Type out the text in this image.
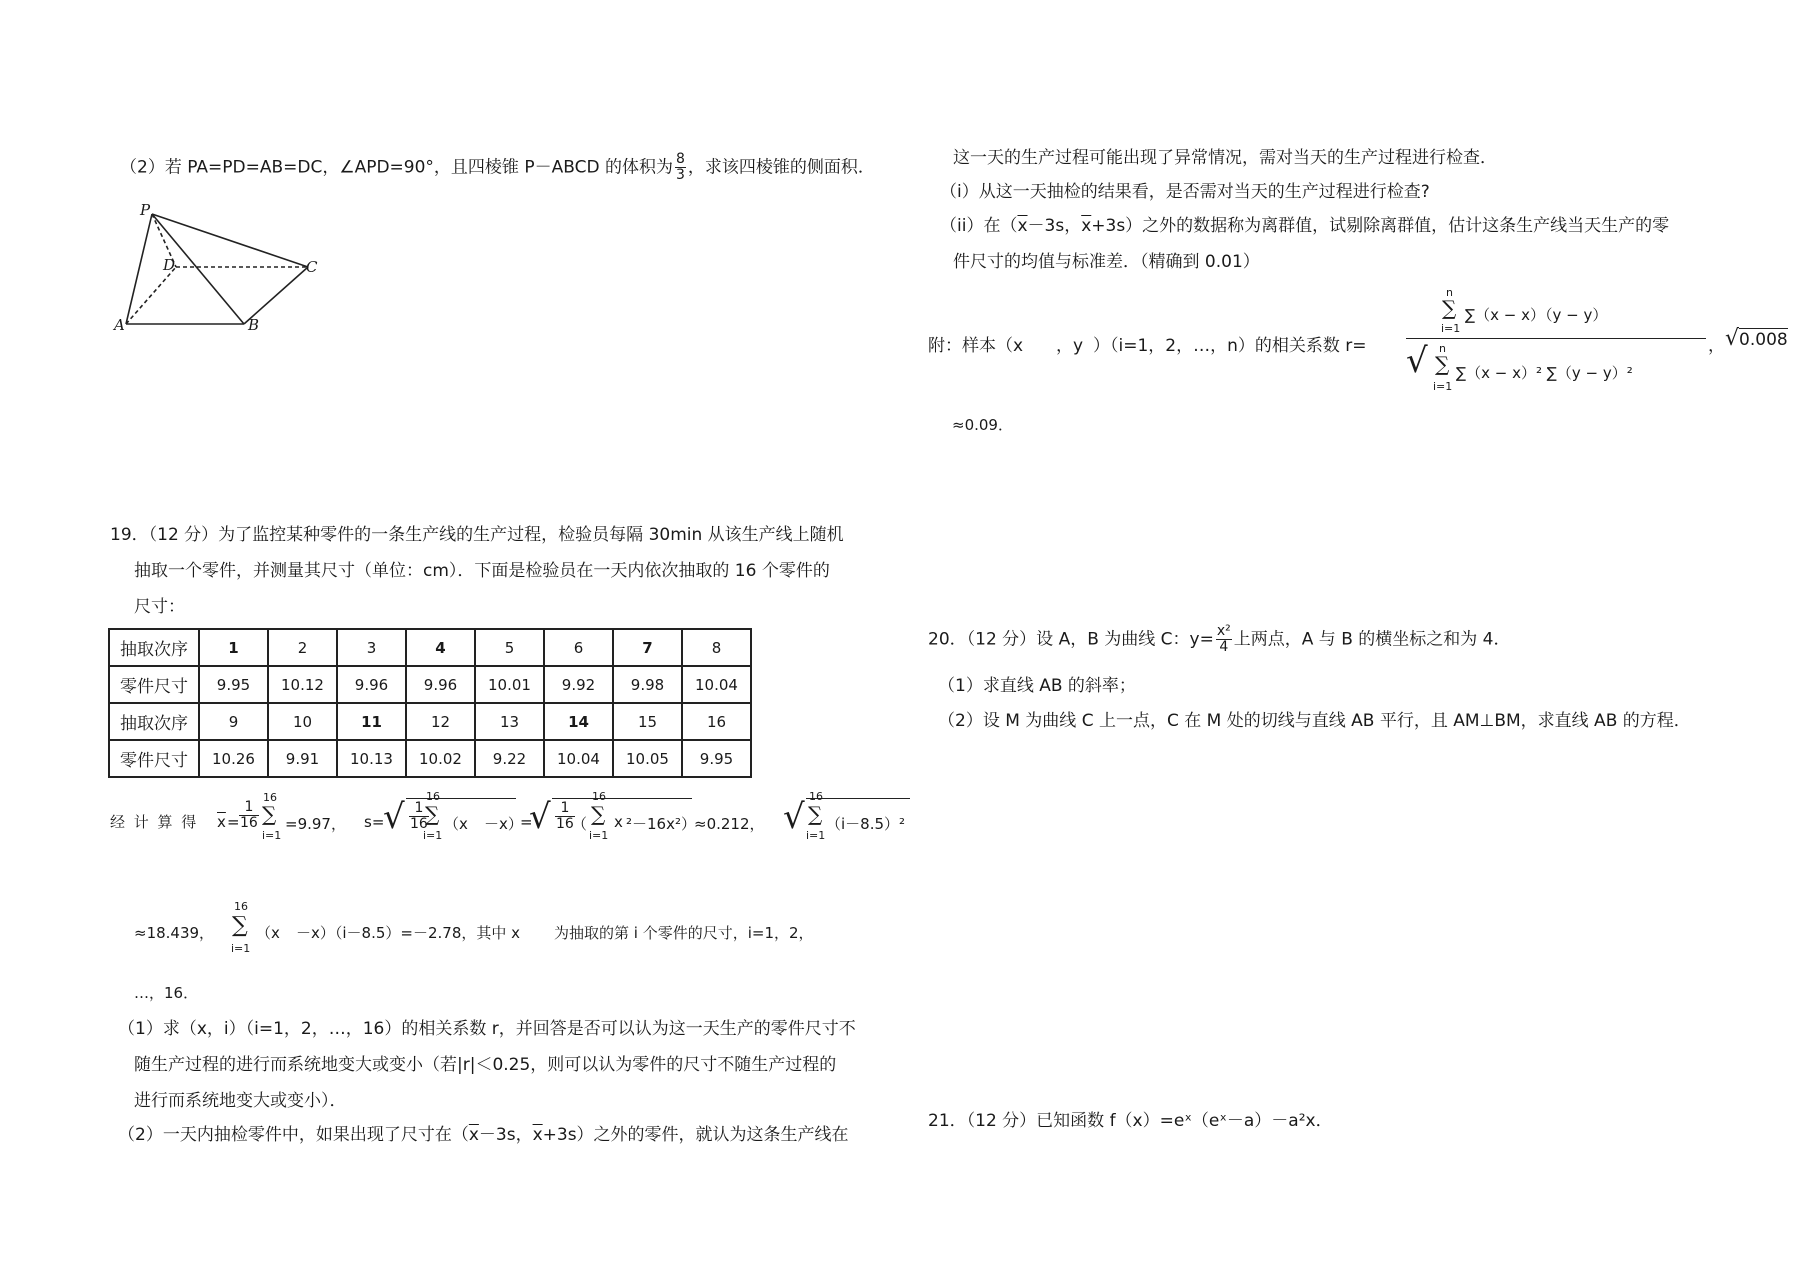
（2）若 PA=PD=AB=DC，∠APD=90°，且四棱锥 P－ABCD 的体积为 $\frac{8}{3}$ ，求该四棱锥的侧面积．
P
D	C
A	B
19．（12 分）为了监控某种零件的一条生产线的生产过程，检验员每隔 30min 从该生产线上随机
抽取一个零件，并测量其尺寸（单位：cm）．下面是检验员在一天内依次抽取的 16 个零件的
尺寸：
抽取次序	1	2	3	4	5	6	7	8
零件尺寸	9.95	10.12	9.96	9.96	10.01	9.92	9.98	10.04
抽取次序	9	10	11	12	13	14	15	16
零件尺寸	10.26	9.91	10.13	10.02	9.22	10.04	10.05	9.95
经 计 算 得 $\overline{x} = \frac{1}{16}$
16
∑
i=1
=9.97， s=
√ $\frac{1}{16}$
16
∑
i=1
（x －x）
=
√ $\frac{1}{16}$
（
16
∑
i=1
x ²－16x²）
≈0.212， √
16
∑
i=1
（i－8.5）²
≈18.439，
16
∑
i=1
（x －x）（i－8.5）=－2.78，其中 x 为抽取的第 i 个零件的尺寸，i=1，2，
…，16．
（1）求（x，i）（i=1，2，…，16）的相关系数 r，并回答是否可以认为这一天生产的零件尺寸不
随生产过程的进行而系统地变大或变小（若|r|＜0.25，则可以认为零件的尺寸不随生产过程的
进行而系统地变大或变小）．
（2）一天内抽检零件中，如果出现了尺寸在（$\overline{x}-3s$，$\overline{x}+3s$）之外的零件，就认为这条生产线在
这一天的生产过程可能出现了异常情况，需对当天的生产过程进行检查．
（i）从这一天抽检的结果看，是否需对当天的生产过程进行检查?
（ii）在（$\overline{x}-3s$，$\overline{x}+3s$）之外的数据称为离群值，试剔除离群值，估计这条生产线当天生产的零
件尺寸的均值与标准差．（精确到 0.01）
附：样本（x ，y ）（i=1，2，…，n）的相关系数 r=
n
∑
i=1
∑（x − x）（y − y）
√ n
∑
i=1
∑（x − x）² ∑（y − y）²
， √0.008
≈0.09．
20．（12 分）设 A，B 为曲线 C：$y= \frac{\text{x²}}{4}$ 上两点，A 与 B 的横坐标之和为 4．
（1）求直线 AB 的斜率；
（2）设 M 为曲线 C 上一点，C 在 M 处的切线与直线 AB 平行，且 AM⊥BM，求直线 AB 的方程．
21．（12 分）已知函数 f（x）=eˣ（eˣ－a）－a²x．
